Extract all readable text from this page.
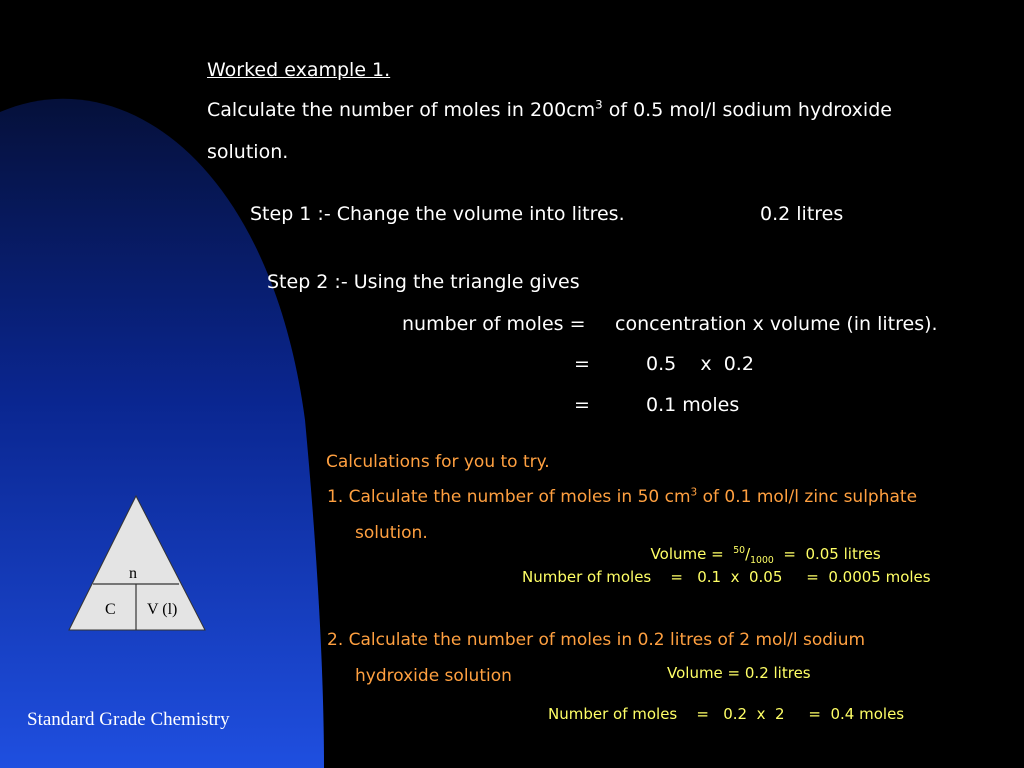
Worked example 1.
Calculate the number of moles in $200cm^3$ of 0.5 mol/l sodium hydroxide
solution.
Step 1 :- Change the volume into litres.	0.2 litres
Step 2 :- Using the triangle gives
number of moles = concentration x volume (in litres).
=	0.5    x  0.2
=	0.1 moles
Calculations for you to try.
1. Calculate the number of moles in 50 $cm^3$ of 0.1 mol/l zinc sulphate
solution.

Volume =  $^{50}/_{1000} = 0.05$ litres

Number of moles    =   0.1  x  0.05     =  0.0005 moles
2. Calculate the number of moles in 0.2 litres of 2 mol/l sodium
hydroxide solution	Volume = 0.2 litres
Number of moles    =   0.2  x  2     =  0.4 moles
n
C V (l)
Standard Grade Chemistry
